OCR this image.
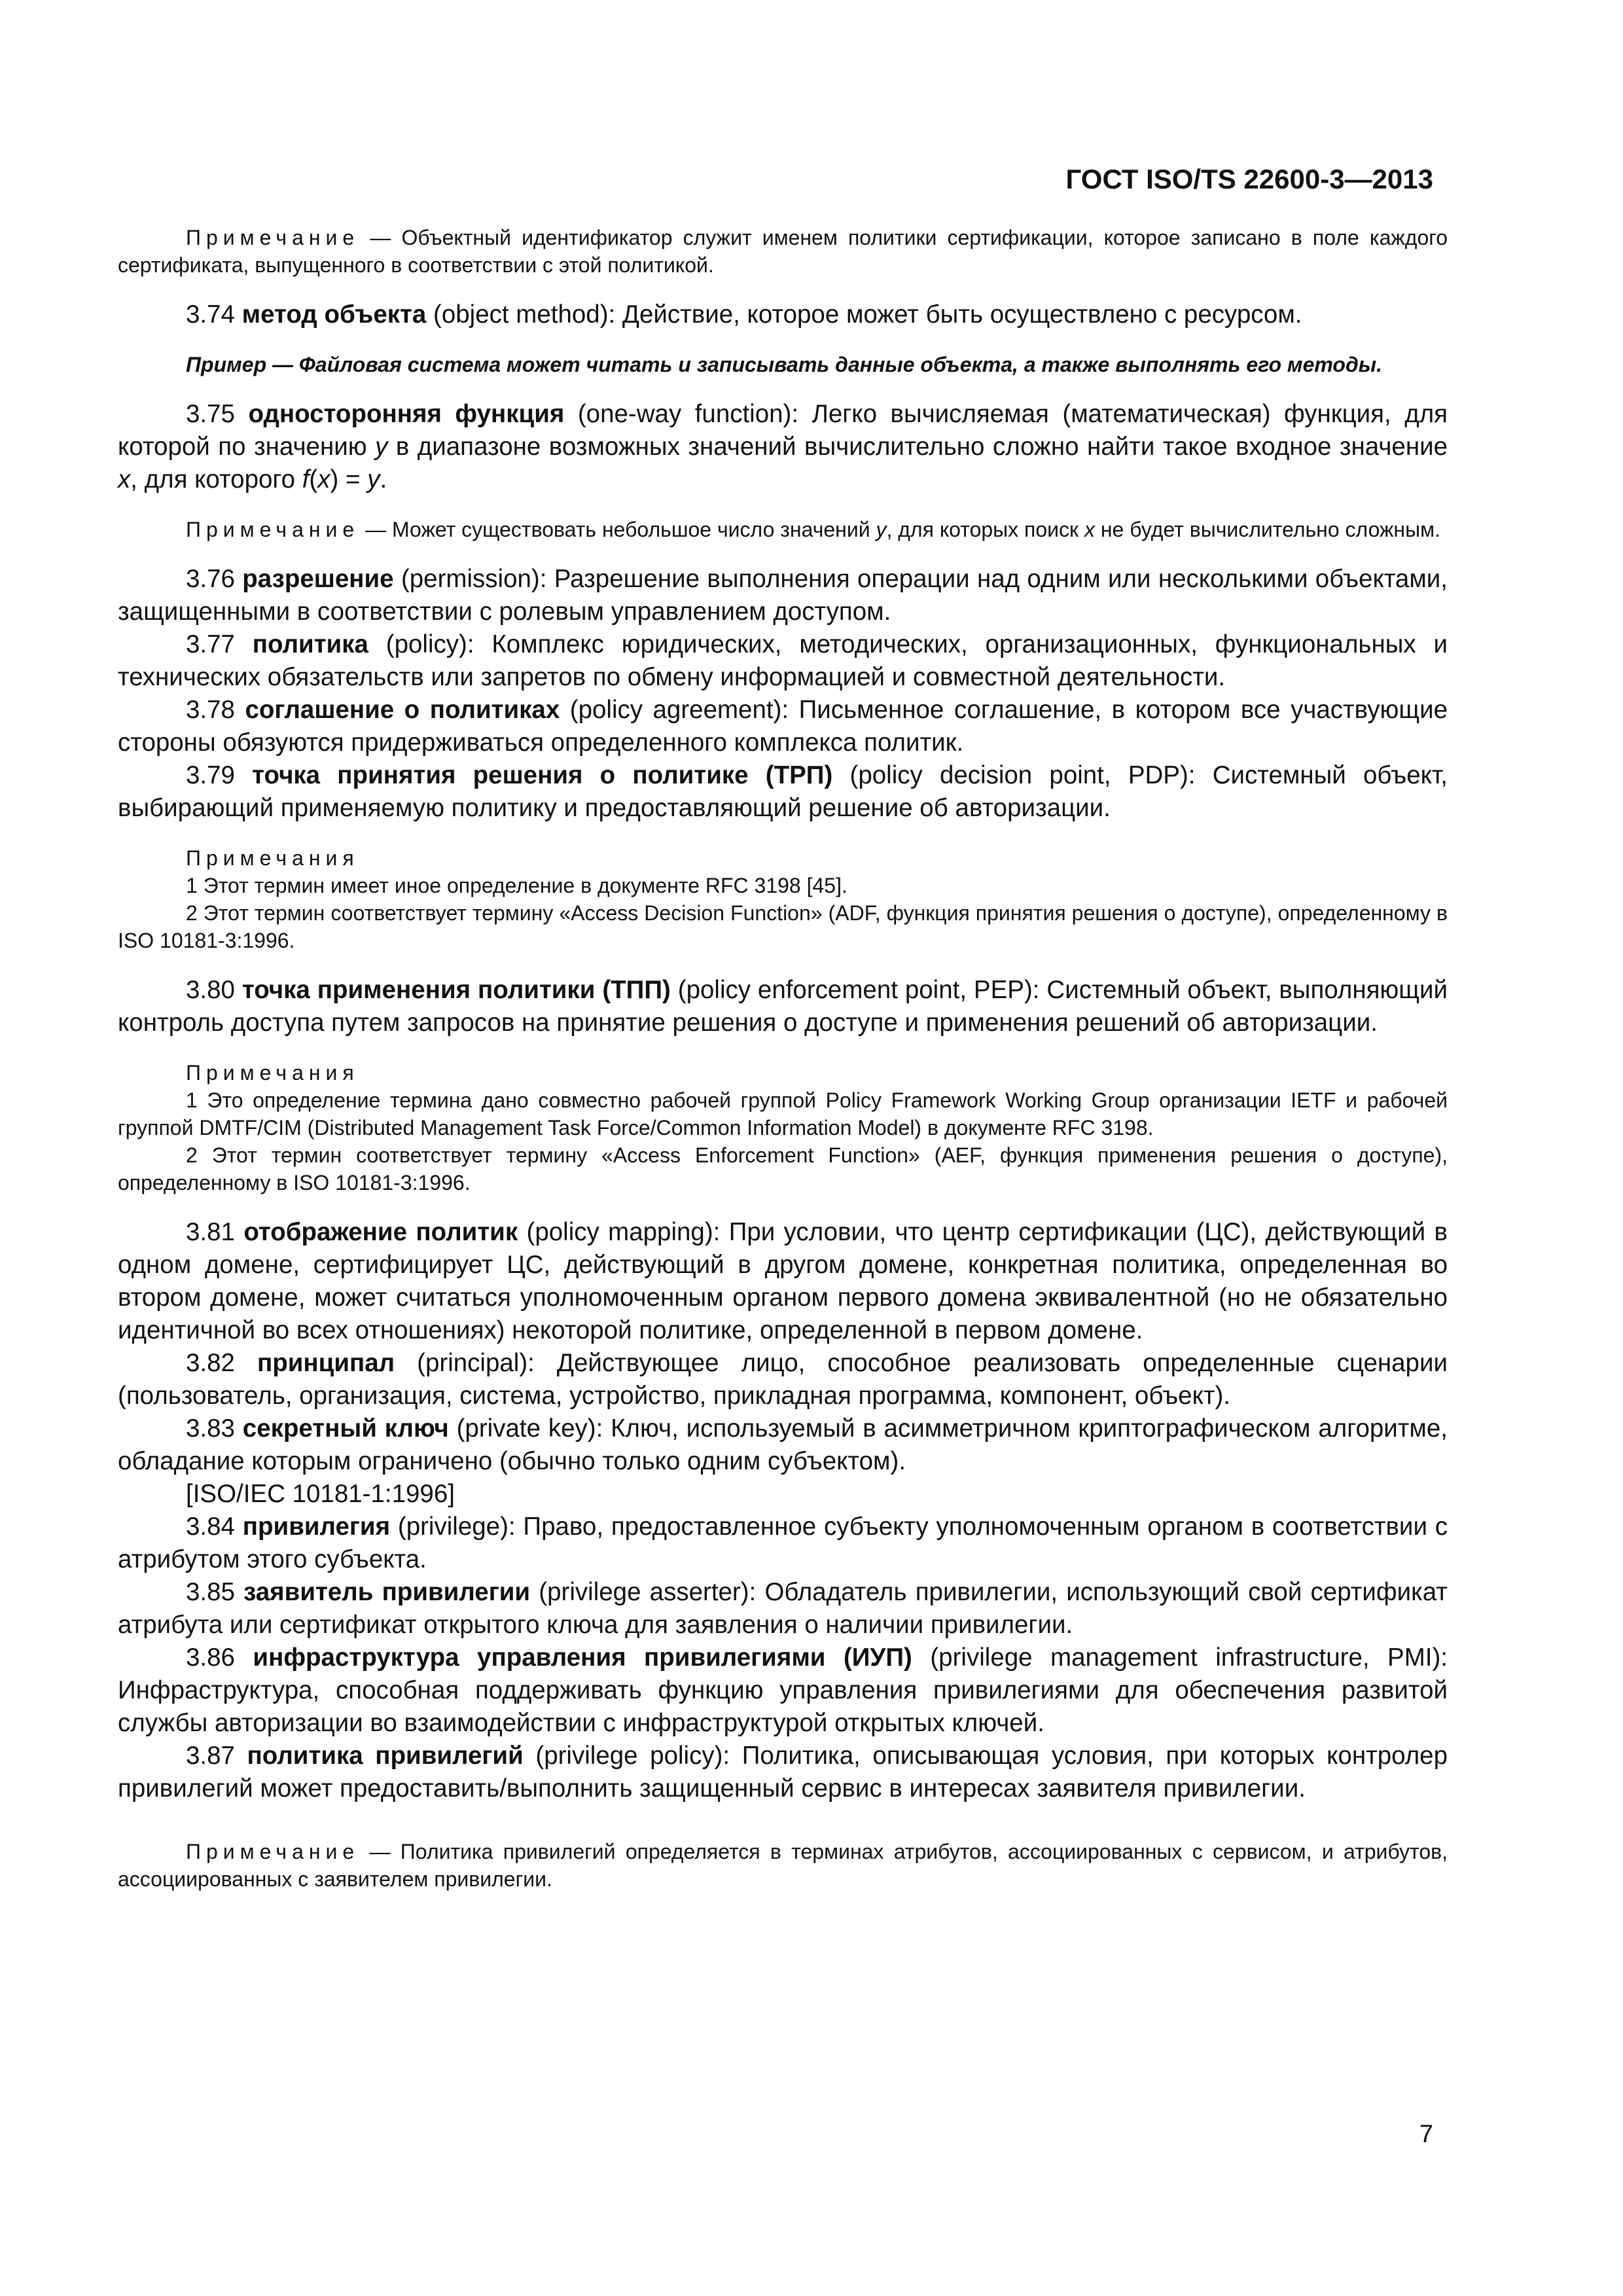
ГОСТ ISO/TS 22600-3—2013

Примечание — Объектный идентификатор служит именем политики сертификации, которое записано в поле каждого сертификата, выпущенного в соответствии с этой политикой.

3.74 метод объекта (object method): Действие, которое может быть осуществлено с ресурсом.

Пример — Файловая система может читать и записывать данные объекта, а также выполнять его методы.

3.75 односторонняя функция (one-way function): Легко вычисляемая (математическая) функция, для которой по значению y в диапазоне возможных значений вычислительно сложно найти такое входное значение x, для которого f(x) = y.

Примечание — Может существовать небольшое число значений y, для которых поиск x не будет вычислительно сложным.

3.76 разрешение (permission): Разрешение выполнения операции над одним или несколькими объектами, защищенными в соответствии с ролевым управлением доступом.

3.77 политика (policy): Комплекс юридических, методических, организационных, функциональных и технических обязательств или запретов по обмену информацией и совместной деятельности.

3.78 соглашение о политиках (policy agreement): Письменное соглашение, в котором все участвующие стороны обязуются придерживаться определенного комплекса политик.

3.79 точка принятия решения о политике (ТРП) (policy decision point, PDP): Системный объект, выбирающий применяемую политику и предоставляющий решение об авторизации.

Примечания

1 Этот термин имеет иное определение в документе RFC 3198 [45].

2 Этот термин соответствует термину «Access Decision Function» (ADF, функция принятия решения о доступе), определенному в ISO 10181-3:1996.

3.80 точка применения политики (ТПП) (policy enforcement point, PEP): Системный объект, выполняющий контроль доступа путем запросов на принятие решения о доступе и применения решений об авторизации.

Примечания

1 Это определение термина дано совместно рабочей группой Policy Framework Working Group организации IETF и рабочей группой DMTF/CIM (Distributed Management Task Force/Common Information Model) в документе RFC 3198.

2 Этот термин соответствует термину «Access Enforcement Function» (AEF, функция применения решения о доступе), определенному в ISO 10181-3:1996.

3.81 отображение политик (policy mapping): При условии, что центр сертификации (ЦС), действующий в одном домене, сертифицирует ЦС, действующий в другом домене, конкретная политика, определенная во втором домене, может считаться уполномоченным органом первого домена эквивалентной (но не обязательно идентичной во всех отношениях) некоторой политике, определенной в первом домене.

3.82 принципал (principal): Действующее лицо, способное реализовать определенные сценарии (пользователь, организация, система, устройство, прикладная программа, компонент, объект).

3.83 секретный ключ (private key): Ключ, используемый в асимметричном криптографическом алгоритме, обладание которым ограничено (обычно только одним субъектом).

[ISO/IEC 10181-1:1996]

3.84 привилегия (privilege): Право, предоставленное субъекту уполномоченным органом в соответствии с атрибутом этого субъекта.

3.85 заявитель привилегии (privilege asserter): Обладатель привилегии, использующий свой сертификат атрибута или сертификат открытого ключа для заявления о наличии привилегии.

3.86 инфраструктура управления привилегиями (ИУП) (privilege management infrastructure, PMI): Инфраструктура, способная поддерживать функцию управления привилегиями для обеспечения развитой службы авторизации во взаимодействии с инфраструктурой открытых ключей.

3.87 политика привилегий (privilege policy): Политика, описывающая условия, при которых контролер привилегий может предоставить/выполнить защищенный сервис в интересах заявителя привилегии.

Примечание — Политика привилегий определяется в терминах атрибутов, ассоциированных с сервисом, и атрибутов, ассоциированных с заявителем привилегии.

7
